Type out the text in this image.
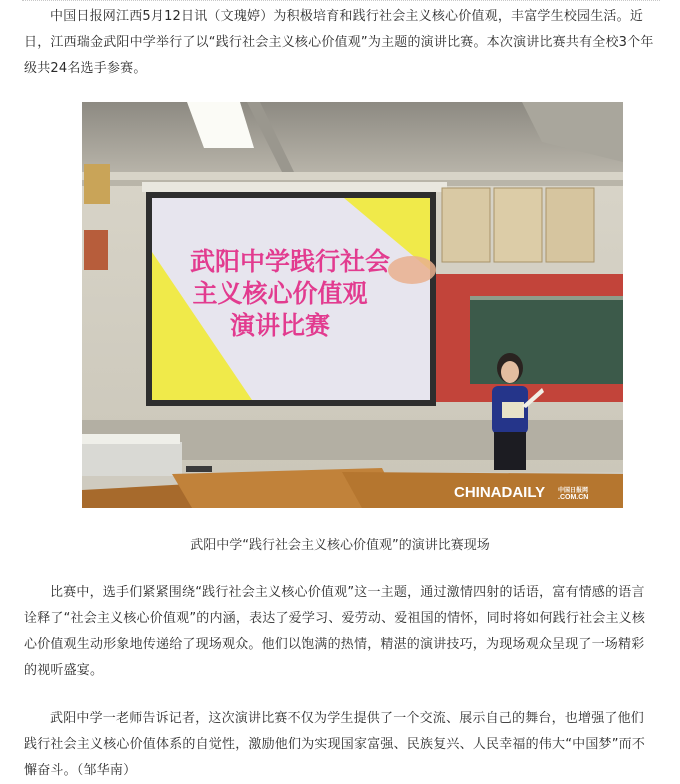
中国日报网江西5月12日讯（文瑰婷）为积极培育和践行社会主义核心价值观，丰富学生校园生活。近日，江西瑞金武阳中学举行了以“践行社会主义核心价值观”为主题的演讲比赛。本次演讲比赛共有全校3个年级共24名选手参赛。

武阳中学践行社会
主义核心价值观
演讲比赛
CHINADAILY 中国日报网
.COM.CN
武阳中学“践行社会主义核心价值观”的演讲比赛现场

比赛中，选手们紧紧围绕“践行社会主义核心价值观”这一主题，通过激情四射的话语，富有情感的语言诠释了“社会主义核心价值观”的内涵，表达了爱学习、爱劳动、爱祖国的情怀，同时将如何践行社会主义核心价值观生动形象地传递给了现场观众。他们以饱满的热情，精湛的演讲技巧，为现场观众呈现了一场精彩的视听盛宴。

武阳中学一老师告诉记者，这次演讲比赛不仅为学生提供了一个交流、展示自己的舞台，也增强了他们践行社会主义核心价值体系的自觉性，激励他们为实现国家富强、民族复兴、人民幸福的伟大“中国梦”而不懈奋斗。（邹华南）
